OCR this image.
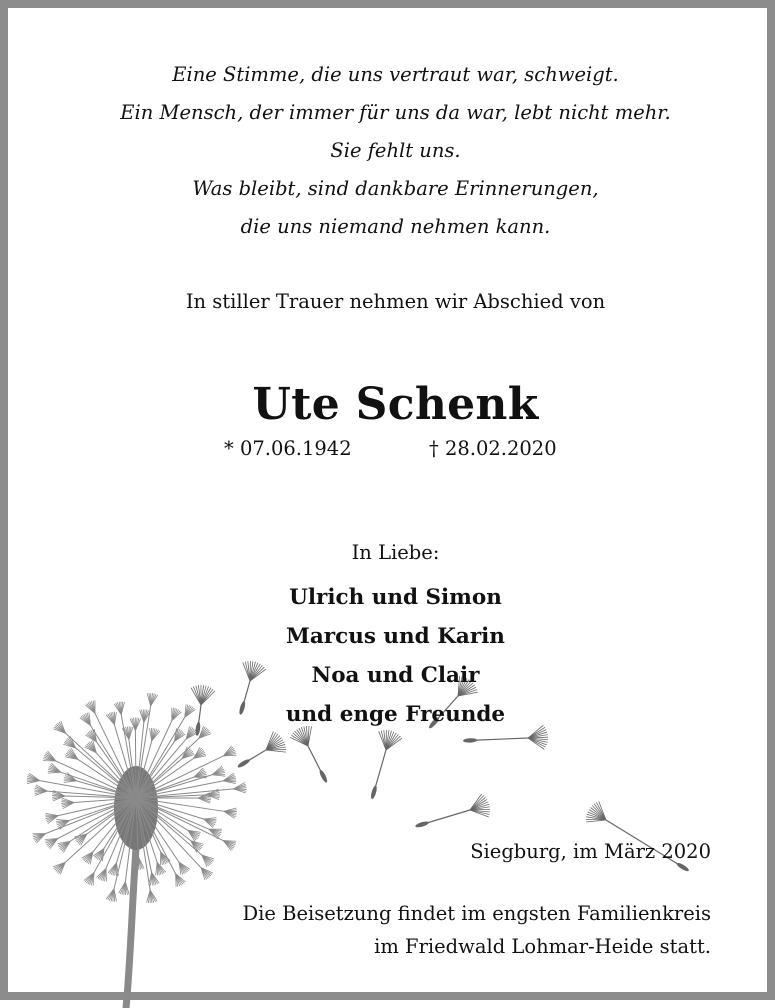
Eine Stimme, die uns vertraut war, schweigt.
Ein Mensch, der immer für uns da war, lebt nicht mehr.
Sie fehlt uns.
Was bleibt, sind dankbare Erinnerungen,
die uns niemand nehmen kann.
In stiller Trauer nehmen wir Abschied von
Ute Schenk
* 07.06.1942	† 28.02.2020
In Liebe:
Ulrich und Simon
Marcus und Karin
Noa und Clair
und enge Freunde
Siegburg, im März 2020
Die Beisetzung findet im engsten Familienkreis
im Friedwald Lohmar-Heide statt.
